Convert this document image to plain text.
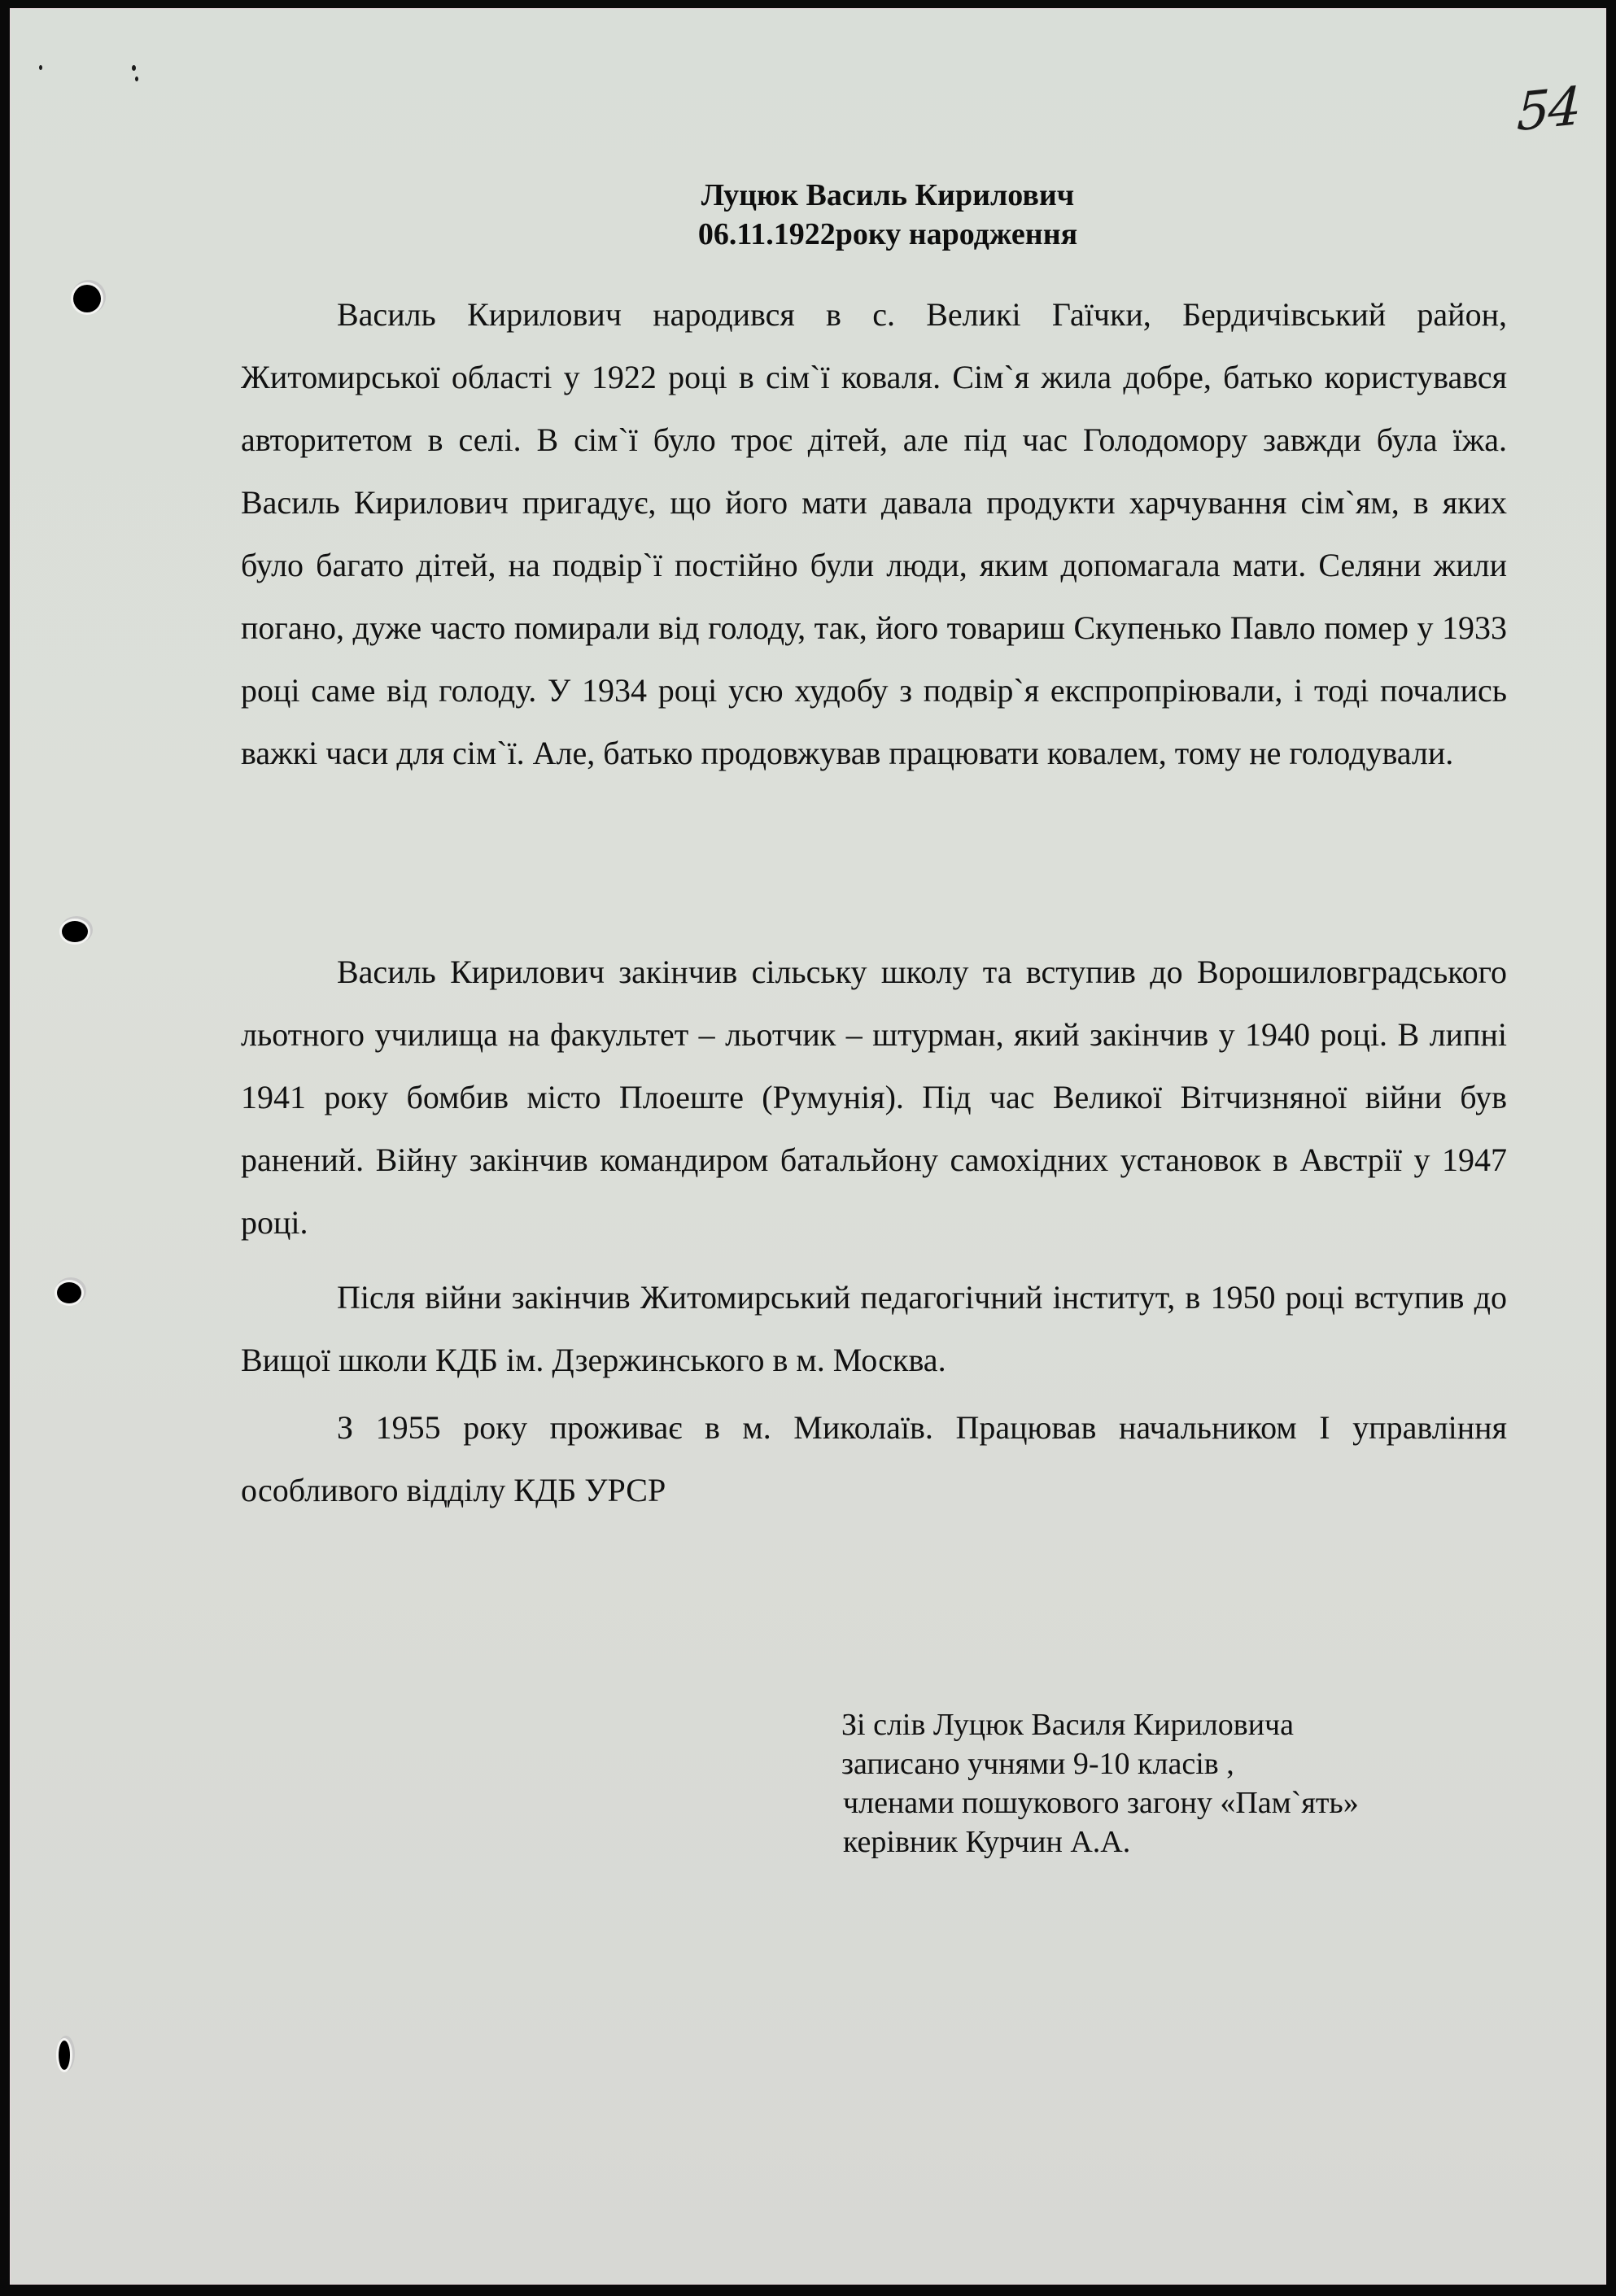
54
Луцюк Василь Кирилович
06.11.1922року народження

Василь Кирилович народився в с. Великі Гаїчки, Бердичівський район, Житомирської області у 1922 році в сім`ї коваля. Сім`я жила добре, батько користувався авторитетом в селі. В сім`ї було троє дітей, але під час Голодомору завжди була їжа. Василь Кирилович пригадує, що його мати давала продукти харчування сім`ям, в яких було багато дітей, на подвір`ї постійно були люди, яким допомагала мати. Селяни жили погано, дуже часто помирали від голоду, так, його товариш Скупенько Павло помер у 1933 році саме від голоду. У 1934 році усю худобу з подвір`я експропріювали, і тоді почались важкі часи для сім`ї. Але, батько продовжував працювати ковалем, тому не голодували.

Василь Кирилович закінчив сільську школу та вступив до Ворошиловградського льотного училища на факультет – льотчик – штурман, який закінчив у 1940 році. В липні 1941 року бомбив місто Плоеште (Румунія). Під час Великої Вітчизняної війни був ранений. Війну закінчив командиром батальйону самохідних установок в Австрії у 1947 році.

Після війни закінчив Житомирський педагогічний інститут, в 1950 році вступив до Вищої школи КДБ ім. Дзержинського в м. Москва.

З 1955 року проживає в м. Миколаїв. Працював начальником І управління особливого відділу КДБ УРСР

Зі слів Луцюк Василя Кириловича
записано учнями 9-10 класів ,
членами пошукового загону «Пам`ять»
керівник Курчин А.А.
